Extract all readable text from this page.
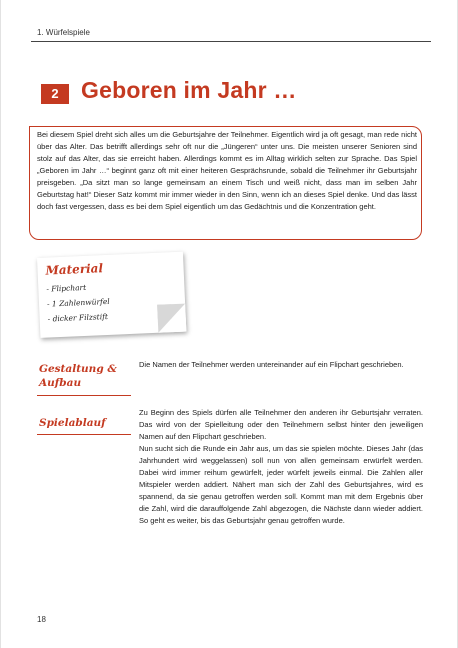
1. Würfelspiele
2 Geboren im Jahr …
Bei diesem Spiel dreht sich alles um die Geburtsjahre der Teilnehmer. Eigentlich wird ja oft gesagt, man rede nicht über das Alter. Das betrifft allerdings sehr oft nur die „Jüngeren“ unter uns. Die meisten unserer Senioren sind stolz auf das Alter, das sie erreicht haben. Allerdings kommt es im Alltag wirklich selten zur Sprache. Das Spiel „Geboren im Jahr …“ beginnt ganz oft mit einer heiteren Gesprächsrunde, sobald die Teilnehmer ihr Geburtsjahr preisgeben. „Da sitzt man so lange gemeinsam an einem Tisch und weiß nicht, dass man im selben Jahr Geburtstag hat!“ Dieser Satz kommt mir immer wieder in den Sinn, wenn ich an dieses Spiel denke. Und das lässt doch fast vergessen, dass es bei dem Spiel eigentlich um das Gedächtnis und die Konzentration geht.
Material
- Flipchart
- 1 Zahlenwürfel
- dicker Filzstift
Gestaltung & Aufbau
Die Namen der Teilnehmer werden untereinander auf ein Flipchart geschrieben.
Spielablauf
Zu Beginn des Spiels dürfen alle Teilnehmer den anderen ihr Geburtsjahr verraten. Das wird von der Spielleitung oder den Teilnehmern selbst hinter den jeweiligen Namen auf den Flipchart geschrieben.
Nun sucht sich die Runde ein Jahr aus, um das sie spielen möchte. Dieses Jahr (das Jahrhundert wird weggelassen) soll nun von allen gemeinsam erwürfelt werden. Dabei wird immer reihum gewürfelt, jeder würfelt jeweils einmal. Die Zahlen aller Mitspieler werden addiert. Nähert man sich der Zahl des Geburtsjahres, wird es spannend, da sie genau getroffen werden soll. Kommt man mit dem Ergebnis über die Zahl, wird die darauffolgende Zahl abgezogen, die Nächste dann wieder addiert. So geht es weiter, bis das Geburtsjahr genau getroffen wurde.
18
